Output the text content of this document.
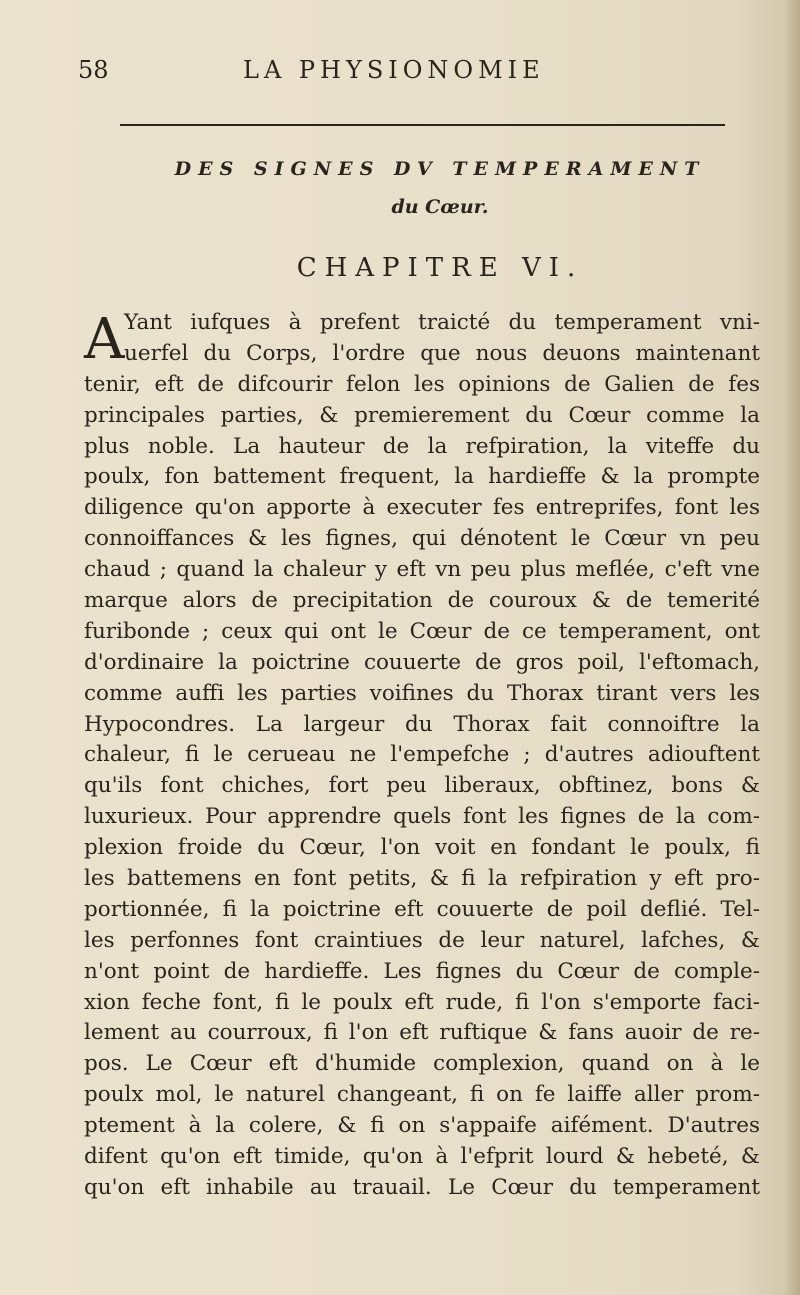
58	LA PHYSIONOMIE
DES SIGNES DV TEMPERAMENT
du Cœur.
CHAPITRE VI.
A Yant iufques à prefent traicté du temperament vni-
uerfel du Corps, l'ordre que nous deuons maintenant
tenir, eft de difcourir felon les opinions de Galien de fes
principales parties, & premierement du Cœur comme la
plus noble. La hauteur de la refpiration, la viteffe du
poulx, fon battement frequent, la hardieffe & la prompte
diligence qu'on apporte à executer fes entreprifes, font les
connoiffances & les fignes, qui dénotent le Cœur vn peu
chaud ; quand la chaleur y eft vn peu plus meflée, c'eft vne
marque alors de precipitation de couroux & de temerité
furibonde ; ceux qui ont le Cœur de ce temperament, ont
d'ordinaire la poictrine couuerte de gros poil, l'eftomach,
comme auffi les parties voifines du Thorax tirant vers les
Hypocondres. La largeur du Thorax fait connoiftre la
chaleur, fi le cerueau ne l'empefche ; d'autres adiouftent
qu'ils font chiches, fort peu liberaux, obftinez, bons &
luxurieux. Pour apprendre quels font les fignes de la com-
plexion froide du Cœur, l'on voit en fondant le poulx, fi
les battemens en font petits, & fi la refpiration y eft pro-
portionnée, fi la poictrine eft couuerte de poil deflié. Tel-
les perfonnes font craintiues de leur naturel, lafches, &
n'ont point de hardieffe. Les fignes du Cœur de comple-
xion feche font, fi le poulx eft rude, fi l'on s'emporte faci-
lement au courroux, fi l'on eft ruftique & fans auoir de re-
pos. Le Cœur eft d'humide complexion, quand on à le
poulx mol, le naturel changeant, fi on fe laiffe aller prom-
ptement à la colere, & fi on s'appaife aifément. D'autres
difent qu'on eft timide, qu'on à l'efprit lourd & hebeté, &
qu'on eft inhabile au trauail. Le Cœur du temperament
